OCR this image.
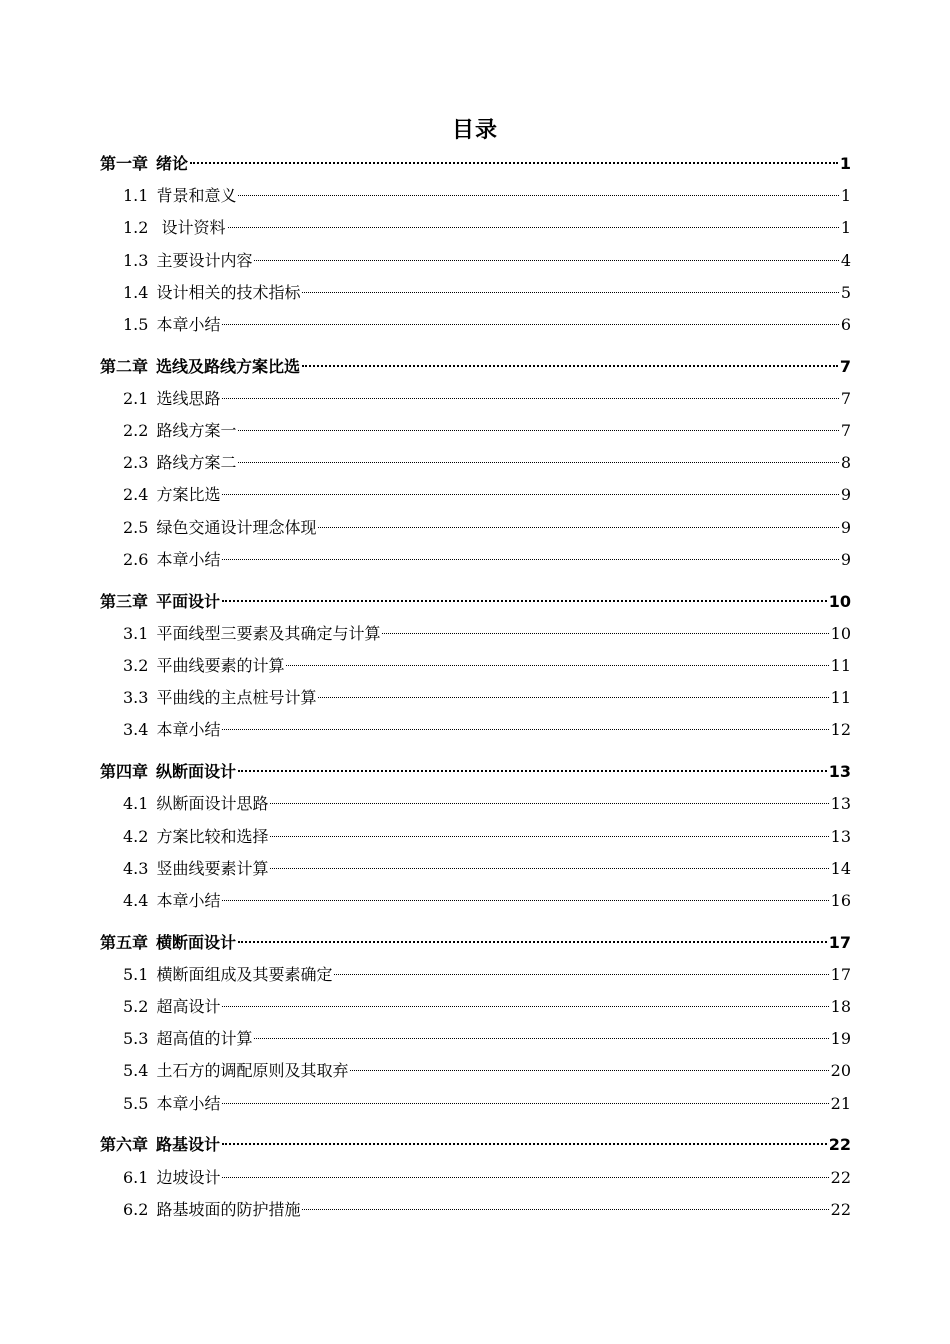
目录
第一章 绪论	1
1.1 背景和意义	1
1.2 设计资料	1
1.3 主要设计内容	4
1.4 设计相关的技术指标	5
1.5 本章小结	6
第二章 选线及路线方案比选	7
2.1 选线思路	7
2.2 路线方案一	7
2.3 路线方案二	8
2.4 方案比选	9
2.5 绿色交通设计理念体现	9
2.6 本章小结	9
第三章 平面设计	10
3.1 平面线型三要素及其确定与计算	10
3.2 平曲线要素的计算	11
3.3 平曲线的主点桩号计算	11
3.4 本章小结	12
第四章 纵断面设计	13
4.1 纵断面设计思路	13
4.2 方案比较和选择	13
4.3 竖曲线要素计算	14
4.4 本章小结	16
第五章 横断面设计	17
5.1 横断面组成及其要素确定	17
5.2 超高设计	18
5.3 超高值的计算	19
5.4 土石方的调配原则及其取弃	20
5.5 本章小结	21
第六章 路基设计	22
6.1 边坡设计	22
6.2 路基坡面的防护措施	22
